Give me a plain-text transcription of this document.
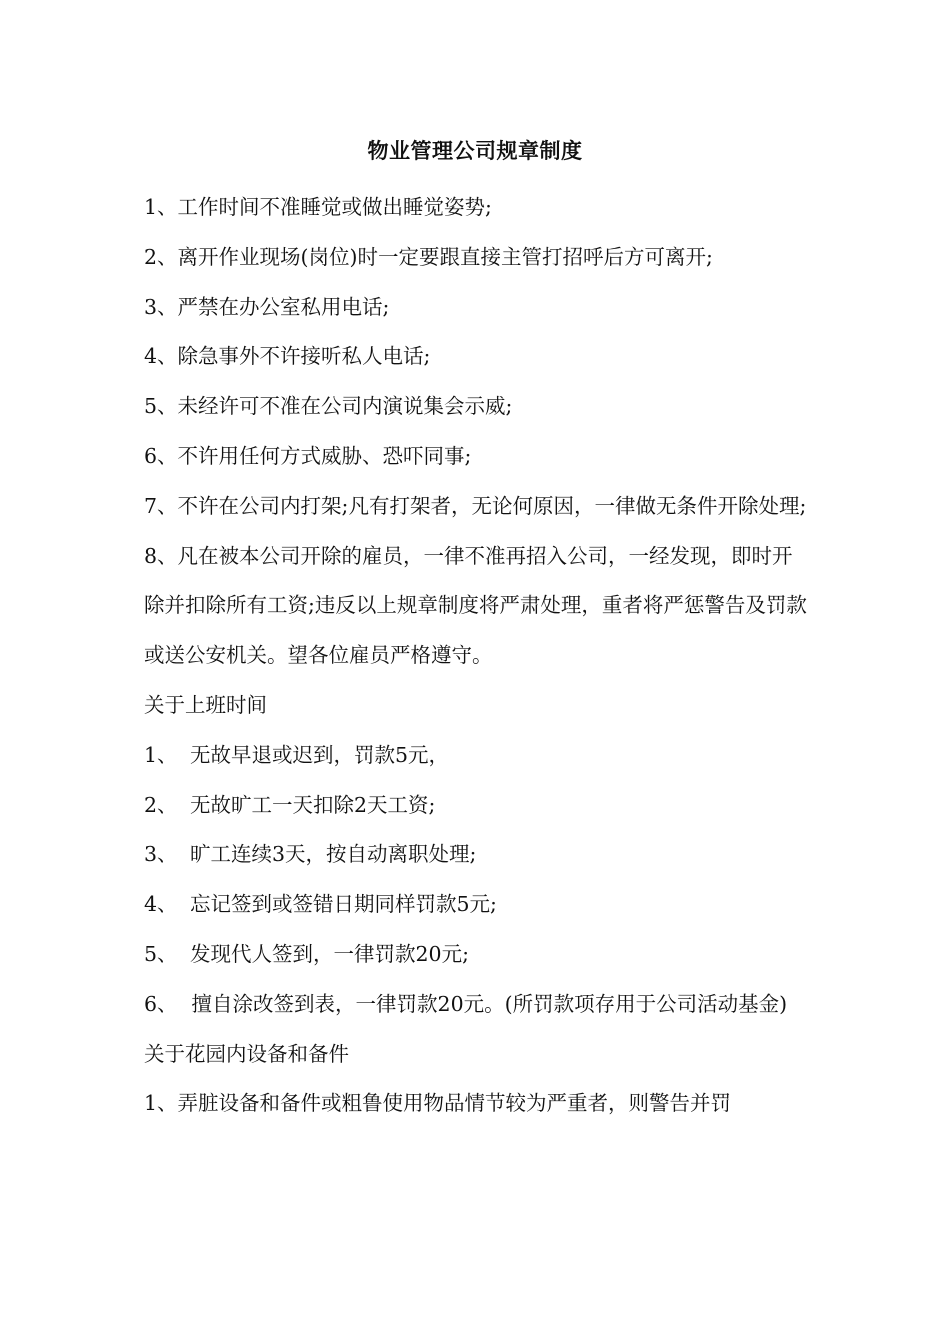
物业管理公司规章制度
1、工作时间不准睡觉或做出睡觉姿势;
2、离开作业现场(岗位)时一定要跟直接主管打招呼后方可离开;
3、严禁在办公室私用电话;
4、除急事外不许接听私人电话;
5、未经许可不准在公司内演说集会示威;
6、不许用任何方式威胁、恐吓同事;
7、不许在公司内打架;凡有打架者，无论何原因，一律做无条件开除处理;
8、凡在被本公司开除的雇员，一律不准再招入公司，一经发现，即时开除并扣除所有工资;违反以上规章制度将严肃处理，重者将严惩警告及罚款或送公安机关。望各位雇员严格遵守。
关于上班时间
1、 无故早退或迟到，罚款5元，
2、 无故旷工一天扣除2天工资;
3、 旷工连续3天，按自动离职处理;
4、 忘记签到或签错日期同样罚款5元;
5、 发现代人签到，一律罚款20元;
6、 擅自涂改签到表，一律罚款20元。(所罚款项存用于公司活动基金)
关于花园内设备和备件
1、弄脏设备和备件或粗鲁使用物品情节较为严重者，则警告并罚
